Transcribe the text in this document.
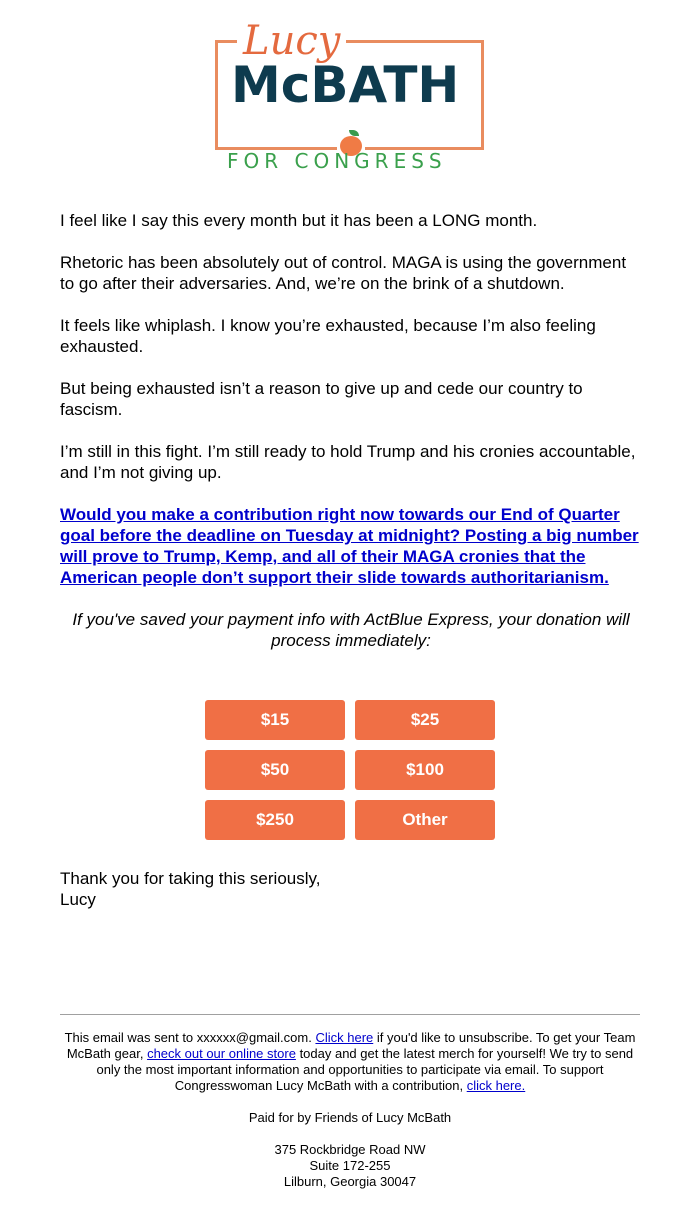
Lucy
McBATH
FOR CONGRESS

I feel like I say this every month but it has been a LONG month.

Rhetoric has been absolutely out of control. MAGA is using the government to go after their adversaries. And, we’re on the brink of a shutdown.

It feels like whiplash. I know you’re exhausted, because I’m also feeling exhausted.

But being exhausted isn’t a reason to give up and cede our country to fascism.

I’m still in this fight. I’m still ready to hold Trump and his cronies accountable, and I’m not giving up.

Would you make a contribution right now towards our End of Quarter goal before the deadline on Tuesday at midnight? Posting a big number will prove to Trump, Kemp, and all of their MAGA cronies that the American people don’t support their slide towards authoritarianism.

If you've saved your payment info with ActBlue Express, your donation will process immediately:

$15	$25
$50	$100
$250	Other
Thank you for taking this seriously,
Lucy

This email was sent to xxxxxx@gmail.com. Click here if you'd like to unsubscribe. To get your Team McBath gear, check out our online store today and get the latest merch for yourself! We try to send only the most important information and opportunities to participate via email. To support Congresswoman Lucy McBath with a contribution, click here.

Paid for by Friends of Lucy McBath

375 Rockbridge Road NW
Suite 172-255
Lilburn, Georgia 30047
